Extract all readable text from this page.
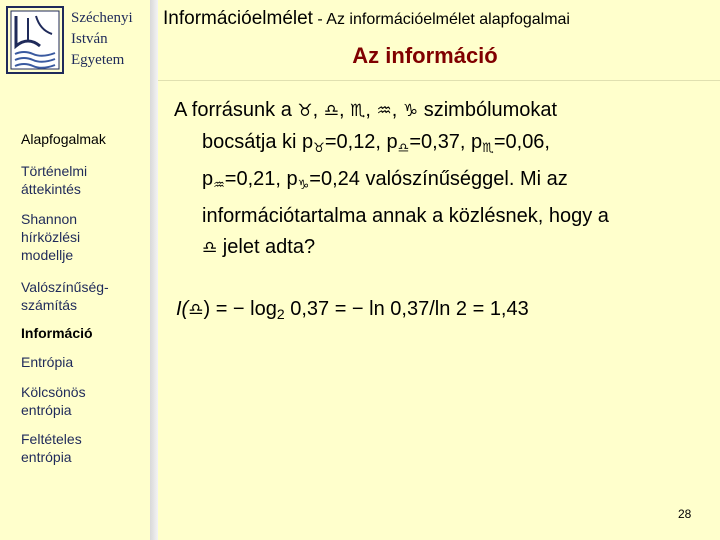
Széchenyi
István
Egyetem
Alapfogalmak
Történelmi áttekintés
Shannon hírközlési modellje
Valószínűség-számítás
Információ
Entrópia
Kölcsönös entrópia
Feltételes entrópia
Információelmélet - Az információelmélet alapfogalmai
Az információ
A forrásunk a ♉, ♎, ♏, ♒, ♑ szimbólumokat
bocsátja ki $p_♉=0,12$, $p_♎=0,37$, $p_♏=0,06$,
$p_♒=0,21$, $p_♑=0,24$ valószínűséggel. Mi az
információtartalma annak a közlésnek, hogy a
♎ jelet adta?
I(♎) = − $\log_2 0,37$ = − ln 0,37/ln 2 = 1,43
28
